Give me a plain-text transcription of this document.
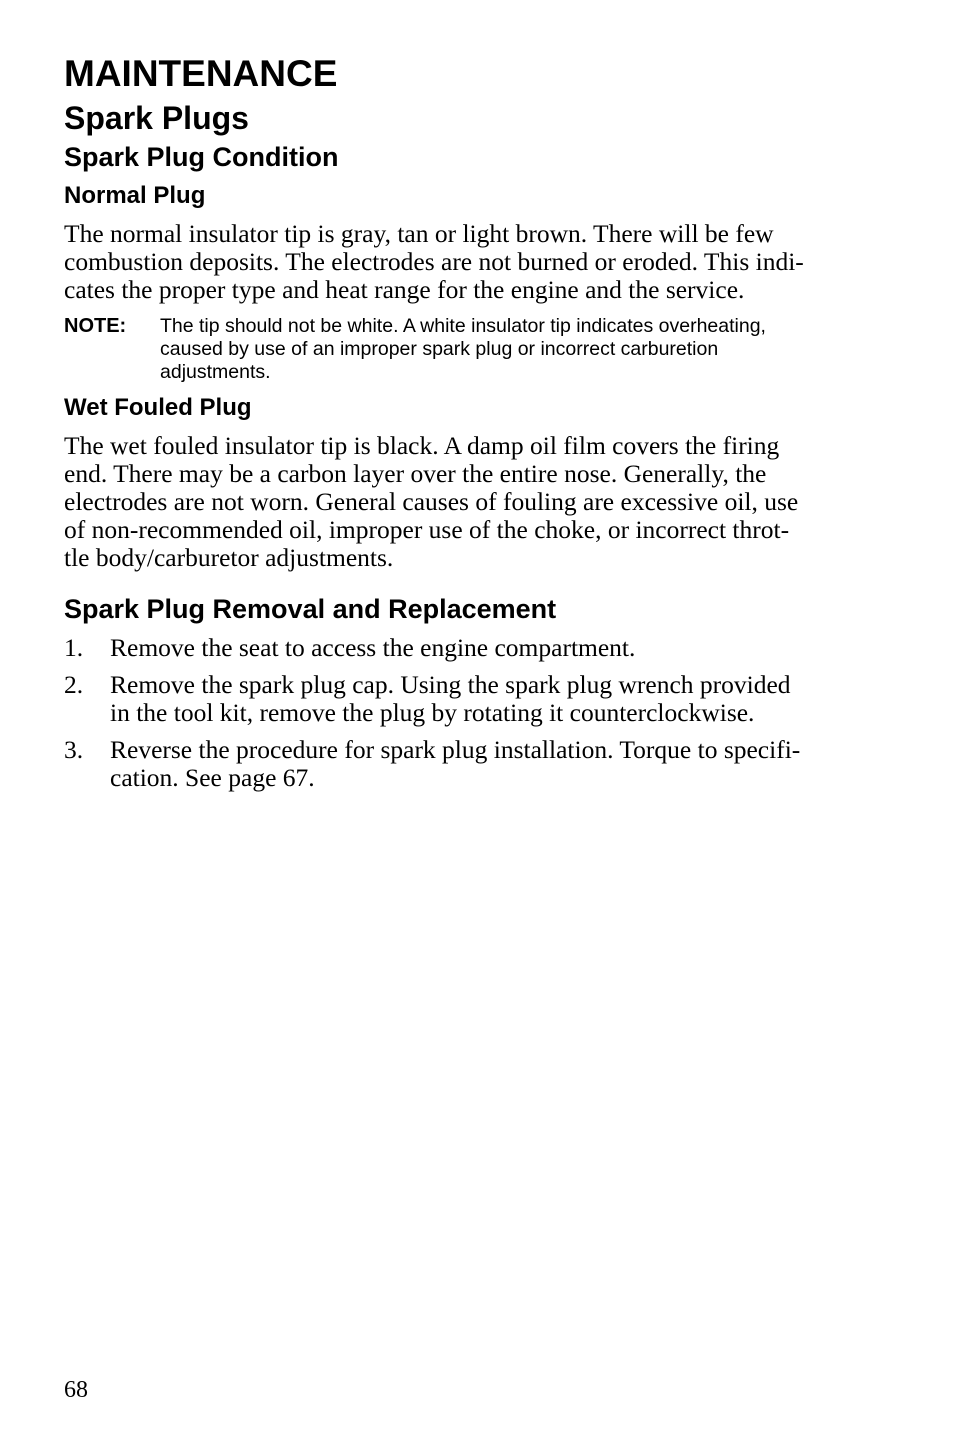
MAINTENANCE
Spark Plugs
Spark Plug Condition
Normal Plug

The normal insulator tip is gray, tan or light brown. There will be few
combustion deposits. The electrodes are not burned or eroded. This indi-
cates the proper type and heat range for the engine and the service.

NOTE:	The tip should not be white. A white insulator tip indicates overheating,
caused by use of an improper spark plug or incorrect carburetion
adjustments.
Wet Fouled Plug

The wet fouled insulator tip is black. A damp oil film covers the firing
end. There may be a carbon layer over the entire nose. Generally, the
electrodes are not worn. General causes of fouling are excessive oil, use
of non-recommended oil, improper use of the choke, or incorrect throt-
tle body/carburetor adjustments.

Spark Plug Removal and Replacement
1.	Remove the seat to access the engine compartment.
2.	Remove the spark plug cap. Using the spark plug wrench provided
in the tool kit, remove the plug by rotating it counterclockwise.
3.	Reverse the procedure for spark plug installation. Torque to specifi-
cation. See page 67.
68
